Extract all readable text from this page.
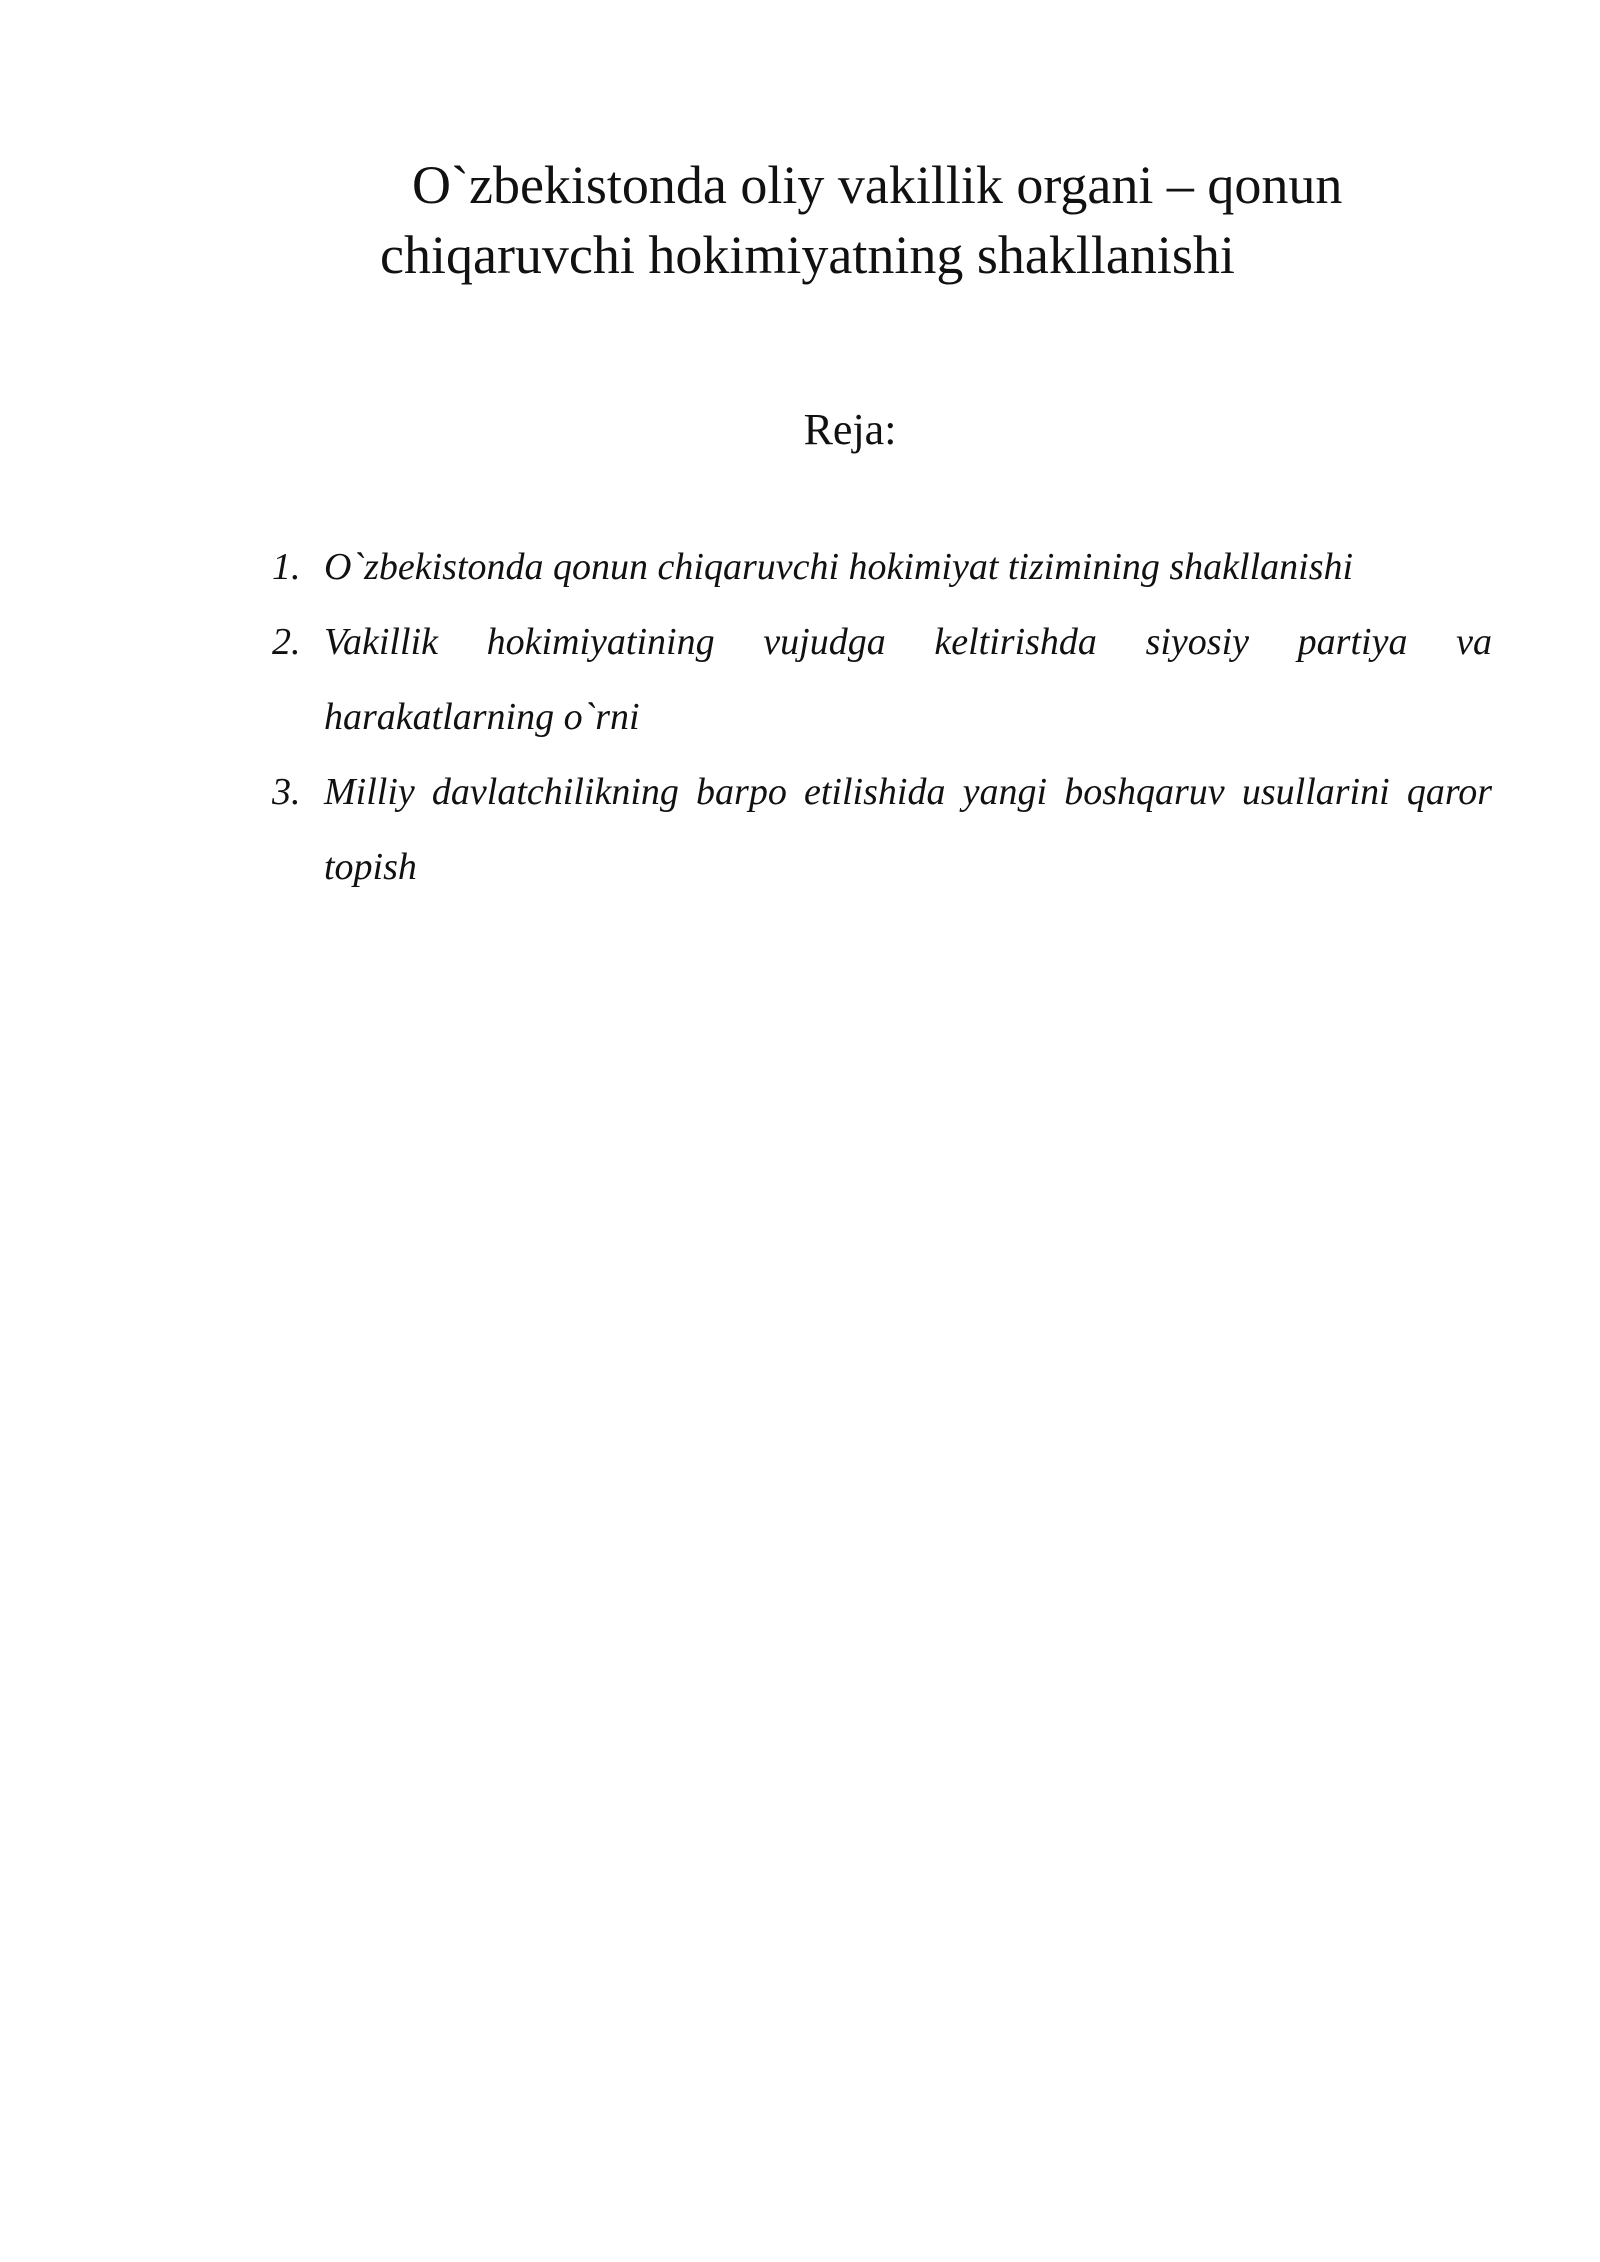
O`zbekistonda oliy vakillik organi – qonun
chiqaruvchi hokimiyatning shakllanishi
Reja:
1. O`zbekistonda qonun chiqaruvchi hokimiyat tizimining shakllanishi
2. Vakillik hokimiyatining vujudga keltirishda siyosiy partiya va harakatlarning o`rni
3. Milliy davlatchilikning barpo etilishida yangi boshqaruv usullarini qaror topish
